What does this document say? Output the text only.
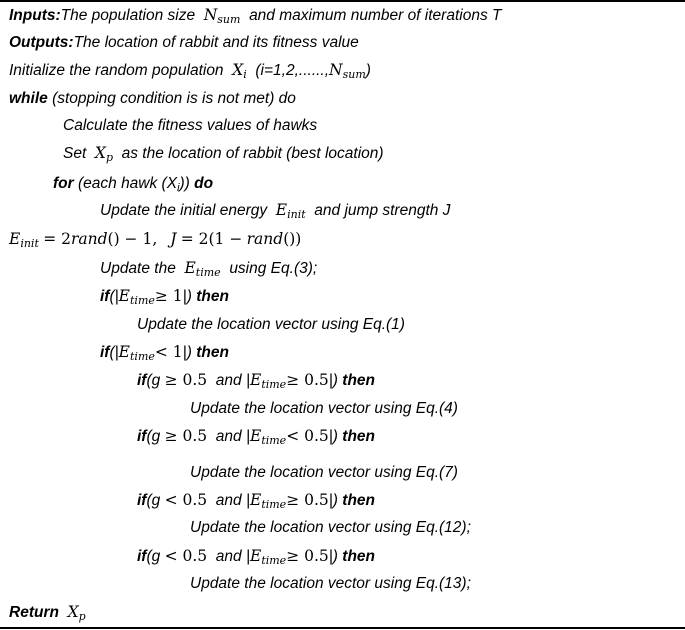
Inputs:The population size $N_{sum}$ and maximum number of iterations T
Outputs:The location of rabbit and its fitness value
Initialize the random population $X_i$ $(i=1,2,......,N_{sum})$
while (stopping condition is is not met) do
Calculate the fitness values of hawks
Set $X_p$ as the location of rabbit (best location)
for (each hawk $(X_i)$) do
Update the initial energy $E_{init}$ and jump strength J
$E_{init}$ = 2rand() − 1, J = 2(1 − rand())
Update the $E_{time}$ using Eq.(3);
$if(|E_{time}\ge 1|)$ then
Update the location vector using Eq.(1)
$if(|E_{time}< 1|)$ then
if(g ≥ 0.5 and $|E_{time}\ge 0.5|$) then
Update the location vector using Eq.(4)
if(g ≥ 0.5 and $|E_{time}< 0.5|$) then
Update the location vector using Eq.(7)
if(g < 0.5 and $|E_{time}\ge 0.5|$) then
Update the location vector using Eq.(12);
if(g < 0.5 and $|E_{time}\ge 0.5|$) then
Update the location vector using Eq.(13);
Return $X_p$
